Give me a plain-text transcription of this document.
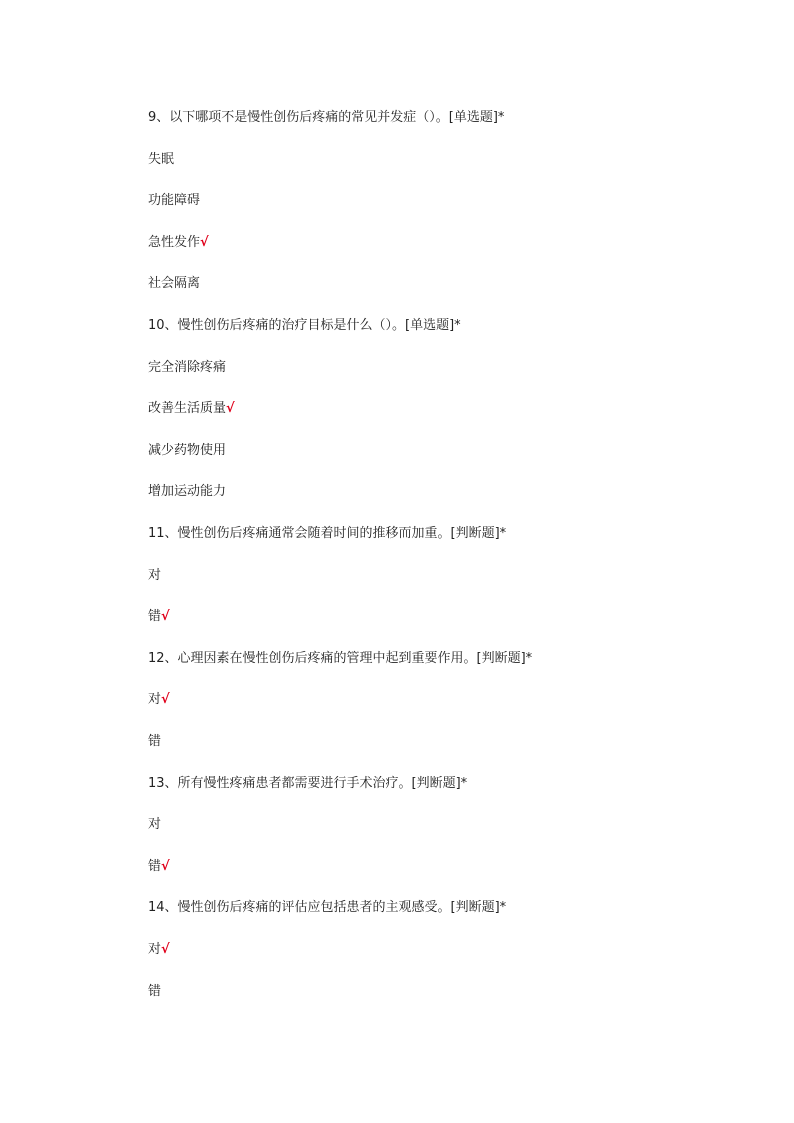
9、以下哪项不是慢性创伤后疼痛的常见并发症（）。[单选题]*

失眠

功能障碍

急性发作√

社会隔离

10、慢性创伤后疼痛的治疗目标是什么（）。[单选题]*

完全消除疼痛

改善生活质量√

减少药物使用

增加运动能力

11、慢性创伤后疼痛通常会随着时间的推移而加重。[判断题]*

对

错√

12、心理因素在慢性创伤后疼痛的管理中起到重要作用。[判断题]*

对√

错

13、所有慢性疼痛患者都需要进行手术治疗。[判断题]*

对

错√

14、慢性创伤后疼痛的评估应包括患者的主观感受。[判断题]*

对√

错
